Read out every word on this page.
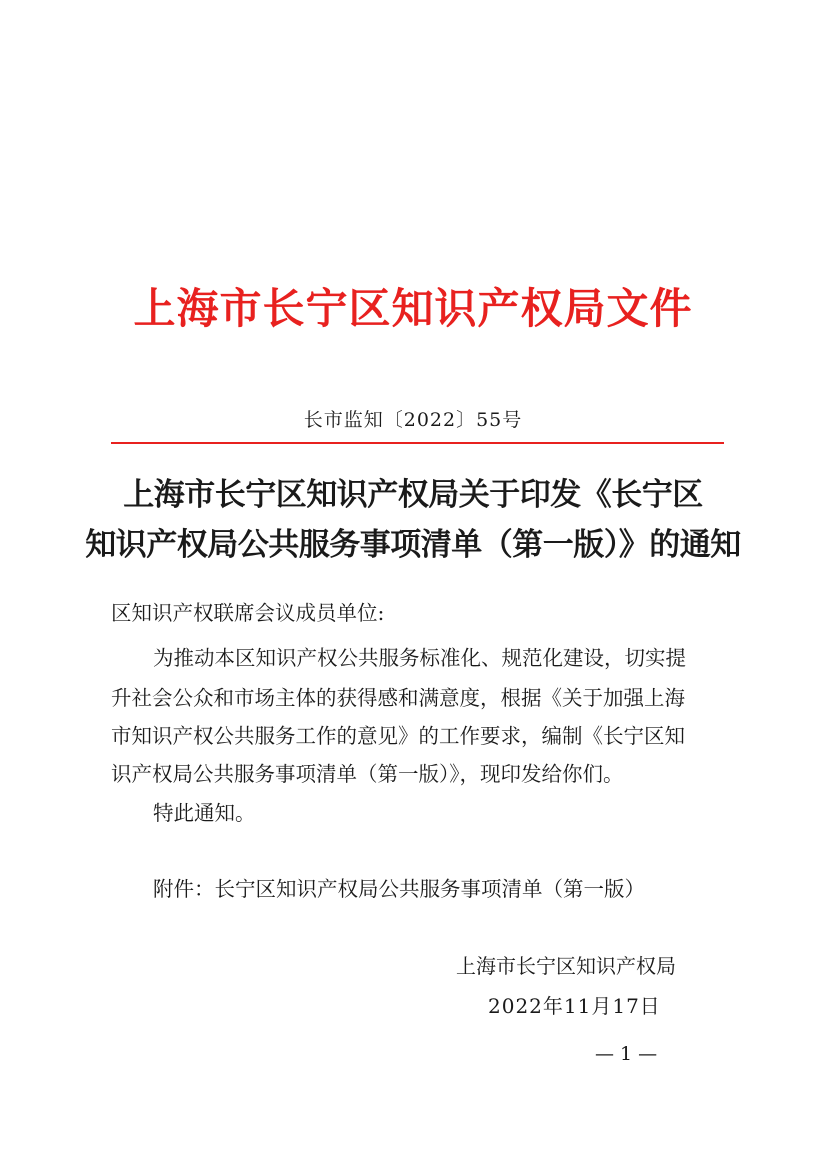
上海市长宁区知识产权局文件
长市监知〔2022〕55号
上海市长宁区知识产权局关于印发《长宁区
知识产权局公共服务事项清单（第一版）》的通知
区知识产权联席会议成员单位:
为推动本区知识产权公共服务标准化、规范化建设，切实提
升社会公众和市场主体的获得感和满意度，根据《关于加强上海
市知识产权公共服务工作的意见》的工作要求，编制《长宁区知
识产权局公共服务事项清单（第一版）》，现印发给你们。
特此通知。
附件：长宁区知识产权局公共服务事项清单（第一版）
上海市长宁区知识产权局
2022年11月17日
— 1 —
